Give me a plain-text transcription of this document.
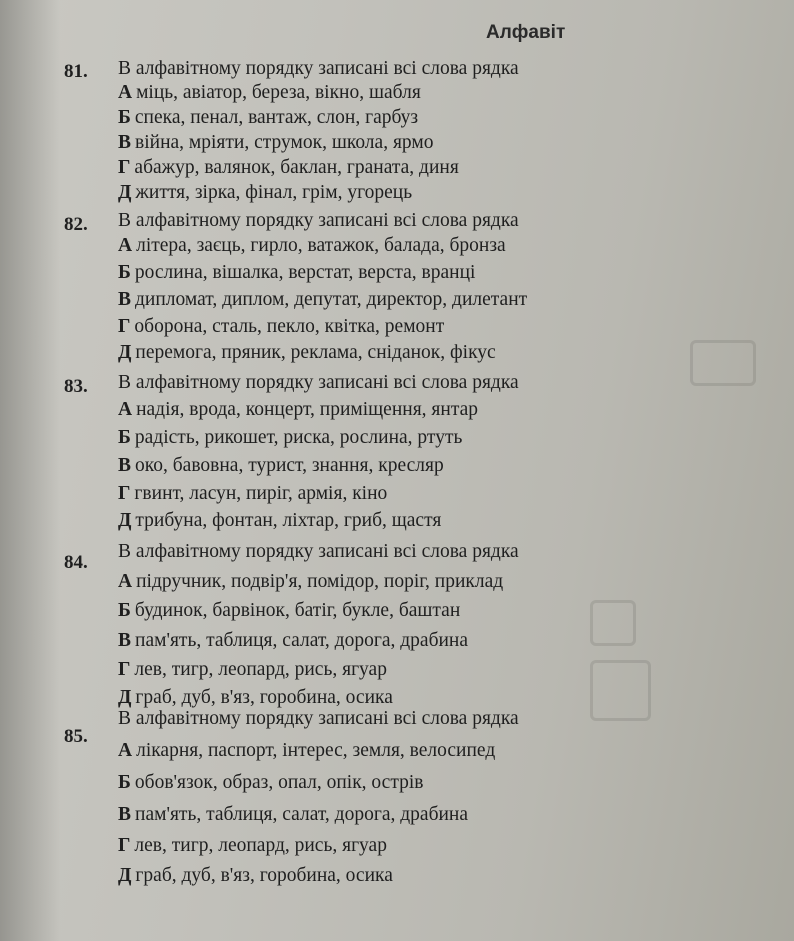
Алфавіт
81. В алфавітному порядку записані всі слова рядка
А міць, авіатор, береза, вікно, шабля
Б спека, пенал, вантаж, слон, гарбуз
В війна, мріяти, струмок, школа, ярмо
Г абажур, валянок, баклан, граната, диня
Д життя, зірка, фінал, грім, угорець
82. В алфавітному порядку записані всі слова рядка
А літера, заєць, гирло, ватажок, балада, бронза
Б рослина, вішалка, верстат, верста, вранці
В дипломат, диплом, депутат, директор, дилетант
Г оборона, сталь, пекло, квітка, ремонт
Д перемога, пряник, реклама, сніданок, фікус
83. В алфавітному порядку записані всі слова рядка
А надія, врода, концерт, приміщення, янтар
Б радість, рикошет, риска, рослина, ртуть
В око, бавовна, турист, знання, кресляр
Г гвинт, ласун, пиріг, армія, кіно
Д трибуна, фонтан, ліхтар, гриб, щастя
84.
В алфавітному порядку записані всі слова рядка
А підручник, подвір'я, помідор, поріг, приклад
Б будинок, барвінок, батіг, букле, баштан
В пам'ять, таблиця, салат, дорога, драбина
Г лев, тигр, леопард, рись, ягуар
Д граб, дуб, в'яз, горобина, осика
85.
В алфавітному порядку записані всі слова рядка
А лікарня, паспорт, інтерес, земля, велосипед
Б обов'язок, образ, опал, опік, острів
В пам'ять, таблиця, салат, дорога, драбина
Г лев, тигр, леопард, рись, ягуар
Д граб, дуб, в'яз, горобина, осика
